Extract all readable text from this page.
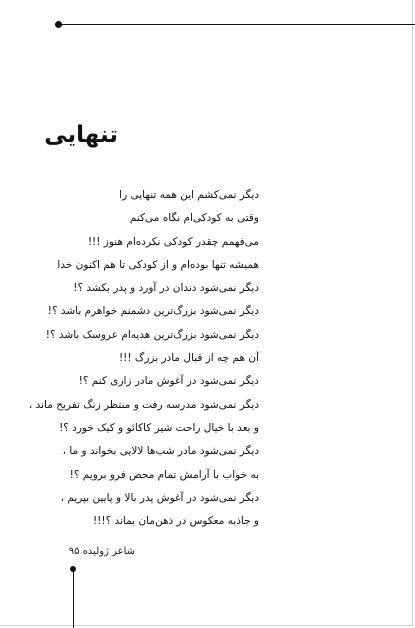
تنهایی
دیگر نمی‌کشم این همه تنهایی را
وقتی به کودکی‌ام نگاه می‌کنم
می‌فهمم چقدر کودکی نکرده‌ام هنوز !!!
همیشه تنها بوده‌ام و از کودکی تا هم اکنون خدا
دیگر نمی‌شود دندان در آورد و پدر بکشد ؟!
دیگر نمی‌شود بزرگ‌ترین دشمنم خواهرم باشد ؟!
دیگر نمی‌شود بزرگ‌ترین هدیه‌ام عروسک باشد ؟!
آن هم چه از قبال مادر بزرگ !!!
دیگر نمی‌شود در آغوش مادر زاری کنم ؟!
دیگر نمی‌شود مدرسه رفت و منتظر زنگ تفریح ماند ،
و بعد با خیال راحت شیر کاکائو و کیک خورد ؟!
دیگر نمی‌شود مادر شب‌ها لالایی بخواند و ما ،
به خواب با آرامش تمام محض فرو برویم ؟!
دیگر نمی‌شود در آغوش پدر بالا و پایین بپریم ،
و جاذبه معکوس در ذهن‌مان بماند ؟!!!
شاعر ژولیده ۹۵
